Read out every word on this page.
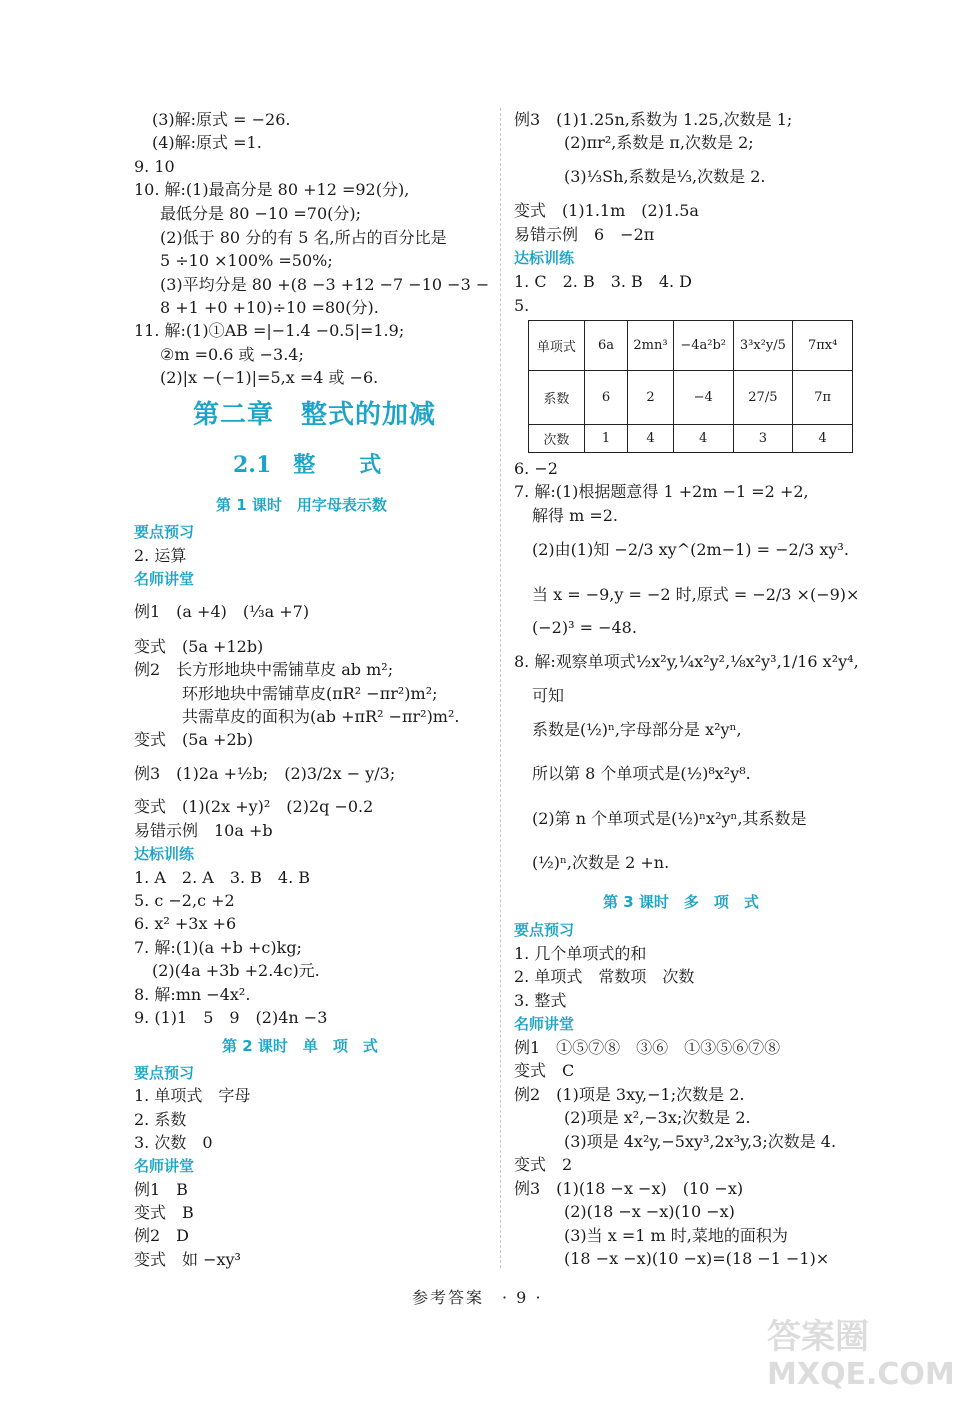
(3)解:原式 = −26.
(4)解:原式 =1.
9. 10
10. 解:(1)最高分是 80 +12 =92(分),
最低分是 80 −10 =70(分);
(2)低于 80 分的有 5 名,所占的百分比是
5 ÷10 ×100% =50%;
(3)平均分是 80 +(8 −3 +12 −7 −10 −3 −
8 +1 +0 +10)÷10 =80(分).
11. 解:(1)①AB =|−1.4 −0.5|=1.9;
②m =0.6 或 −3.4;
(2)|x −(−1)|=5,x =4 或 −6.
第二章　整式的加减
2.1　整　　式
第 1 课时　用字母表示数
要点预习
2. 运算
名师讲堂
例1　(a +4)　(⅓a +7)
变式　(5a +12b)
例2　长方形地块中需铺草皮 ab m²;
环形地块中需铺草皮(πR² −πr²)m²;
共需草皮的面积为(ab +πR² −πr²)m².
变式　(5a +2b)
例3　(1)2a +½b;　(2)3/2x − y/3;
变式　(1)(2x +y)²　(2)2q −0.2
易错示例　10a +b
达标训练
1. A　2. A　3. B　4. B
5. c −2,c +2
6. x² +3x +6
7. 解:(1)(a +b +c)kg;
(2)(4a +3b +2.4c)元.
8. 解:mn −4x².
9. (1)1　5　9　(2)4n −3
第 2 课时　单　项　式
要点预习
1. 单项式　字母
2. 系数
3. 次数　0
名师讲堂
例1　B
变式　B
例2　D
变式　如 −xy³
例3　(1)1.25n,系数为 1.25,次数是 1;
(2)πr²,系数是 π,次数是 2;
(3)⅓Sh,系数是⅓,次数是 2.
变式　(1)1.1m　(2)1.5a
易错示例　6　−2π
达标训练
1. C　2. B　3. B　4. D
5.
单项式	6a	2mn³	−4a²b²	3³x²y/5	7πx⁴
系数	6	2	−4	27/5	7π
次数	1	4	4	3	4
6. −2
7. 解:(1)根据题意得 1 +2m −1 =2 +2,
解得 m =2.
(2)由(1)知 −2/3 xy^(2m−1) = −2/3 xy³.
当 x = −9,y = −2 时,原式 = −2/3 ×(−9)×
(−2)³ = −48.
8. 解:观察单项式½x²y,¼x²y²,⅛x²y³,1/16 x²y⁴,
可知
系数是(½)ⁿ,字母部分是 x²yⁿ,
所以第 8 个单项式是(½)⁸x²y⁸.
(2)第 n 个单项式是(½)ⁿx²yⁿ,其系数是
(½)ⁿ,次数是 2 +n.
第 3 课时　多　项　式
要点预习
1. 几个单项式的和
2. 单项式　常数项　次数
3. 整式
名师讲堂
例1　①⑤⑦⑧　③⑥　①③⑤⑥⑦⑧
变式　C
例2　(1)项是 3xy,−1;次数是 2.
(2)项是 x²,−3x;次数是 2.
(3)项是 4x²y,−5xy³,2x³y,3;次数是 4.
变式　2
例3　(1)(18 −x −x)　(10 −x)
(2)(18 −x −x)(10 −x)
(3)当 x =1 m 时,菜地的面积为
(18 −x −x)(10 −x)=(18 −1 −1)×
参考答案　· 9 ·
答案圈
MXQE.COM
